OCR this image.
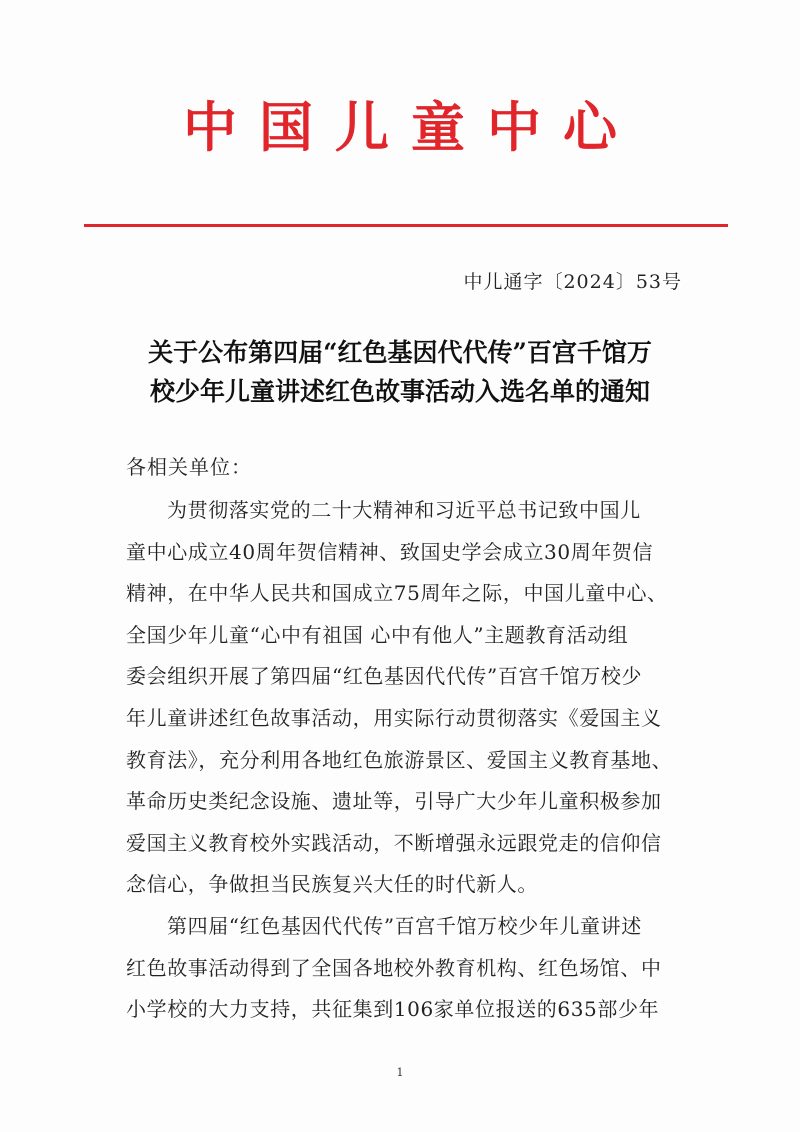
中国儿童中心
中儿通字〔2024〕53号
关于公布第四届“红色基因代代传”百宫千馆万
校少年儿童讲述红色故事活动入选名单的通知
各相关单位：
为贯彻落实党的二十大精神和习近平总书记致中国儿
童中心成立40周年贺信精神、致国史学会成立30周年贺信
精神，在中华人民共和国成立75周年之际，中国儿童中心、
全国少年儿童“心中有祖国 心中有他人”主题教育活动组
委会组织开展了第四届“红色基因代代传”百宫千馆万校少
年儿童讲述红色故事活动，用实际行动贯彻落实《爱国主义
教育法》，充分利用各地红色旅游景区、爱国主义教育基地、
革命历史类纪念设施、遗址等，引导广大少年儿童积极参加
爱国主义教育校外实践活动，不断增强永远跟党走的信仰信
念信心，争做担当民族复兴大任的时代新人。
第四届“红色基因代代传”百宫千馆万校少年儿童讲述
红色故事活动得到了全国各地校外教育机构、红色场馆、中
小学校的大力支持，共征集到106家单位报送的635部少年
1
